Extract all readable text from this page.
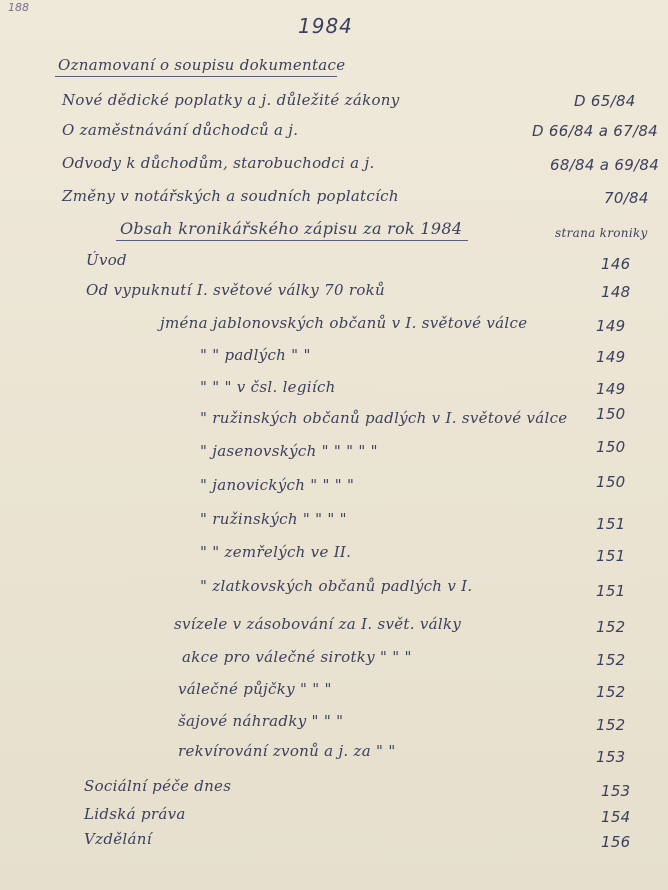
188
1984
Oznamovaní o soupisu dokumentace
Nové dědické poplatky a j. důležité zákony	D 65/84
O zaměstnávání důchodců a j.	D 66/84 a 67/84
Odvody k důchodům, starobuchodci a j.	68/84 a 69/84
Změny v notářských a soudních poplatcích	70/84
Obsah kronikářského zápisu za rok 1984	strana kroniky
Úvod	146
Od vypuknutí I. světové války 70 roků	148
jména jablonovských občanů v I. světové válce	149
" " padlých " "	149
" " " v čsl. legiích	149
" ružinských občanů padlých v I. světové válce 150
" jasenovských " " " " "	150
" janovických " " " "	150
" ružinských " " " "	151
" " zemřelých ve II.	151
" zlatkovských občanů padlých v I.	151
svízele v zásobování za I. svět. války	152
akce pro válečné sirotky " " "	152
válečné půjčky " " "	152
šajové náhradky " " "	152
rekvírování zvonů a j. za " "	153
Sociální péče dnes	153
Lidská práva	154
Vzdělání	156
